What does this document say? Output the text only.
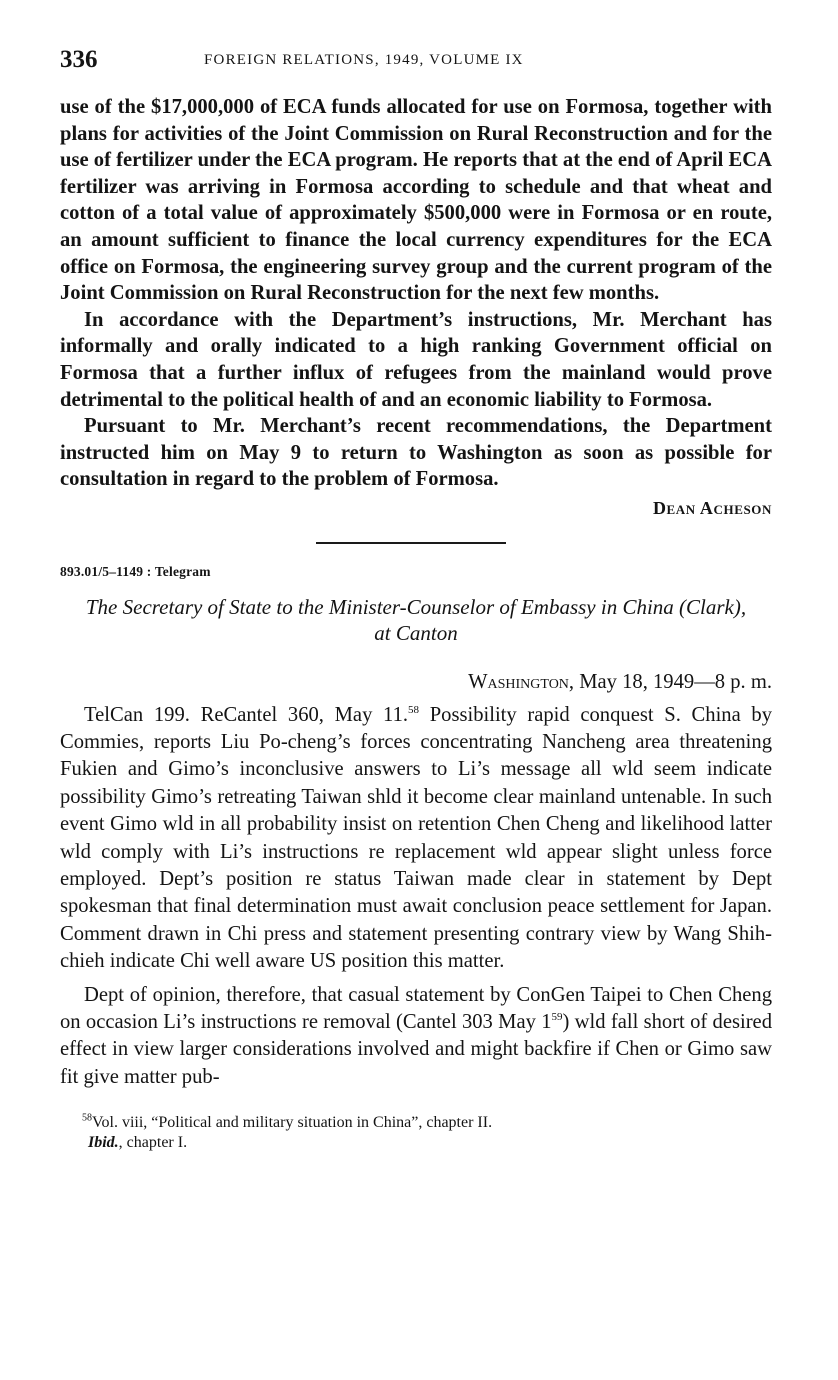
336	FOREIGN RELATIONS, 1949, VOLUME IX

use of the $17,000,000 of ECA funds allocated for use on Formosa, together with plans for activities of the Joint Commission on Rural Reconstruction and for the use of fertilizer under the ECA program. He reports that at the end of April ECA fertilizer was arriving in Formosa according to schedule and that wheat and cotton of a total value of approximately $500,000 were in Formosa or en route, an amount sufficient to finance the local currency expenditures for the ECA office on Formosa, the engineering survey group and the current program of the Joint Commission on Rural Reconstruction for the next few months.

In accordance with the Department’s instructions, Mr. Merchant has informally and orally indicated to a high ranking Government official on Formosa that a further influx of refugees from the mainland would prove detrimental to the political health of and an economic liability to Formosa.

Pursuant to Mr. Merchant’s recent recommendations, the Department instructed him on May 9 to return to Washington as soon as possible for consultation in regard to the problem of Formosa.

Dean Acheson
893.01/5–1149 : Telegram
The Secretary of State to the Minister-Counselor of Embassy in China (Clark), at Canton
Washington, May 18, 1949—8 p. m.

TelCan 199. ReCantel 360, May 11.58 Possibility rapid conquest S. China by Commies, reports Liu Po-cheng’s forces concentrating Nancheng area threatening Fukien and Gimo’s inconclusive answers to Li’s message all wld seem indicate possibility Gimo’s retreating Taiwan shld it become clear mainland untenable. In such event Gimo wld in all probability insist on retention Chen Cheng and likelihood latter wld comply with Li’s instructions re replacement wld appear slight unless force employed. Dept’s position re status Taiwan made clear in statement by Dept spokesman that final determination must await conclusion peace settlement for Japan. Comment drawn in Chi press and statement presenting contrary view by Wang Shih-chieh indicate Chi well aware US position this matter.

Dept of opinion, therefore, that casual statement by ConGen Taipei to Chen Cheng on occasion Li’s instructions re removal (Cantel 303 May $1^{59}$) wld fall short of desired effect in view larger considerations involved and might backfire if Chen or Gimo saw fit give matter pub-

$^{58}$Vol. viii, “Political and military situation in China”, chapter II.
Ibid., chapter I.
